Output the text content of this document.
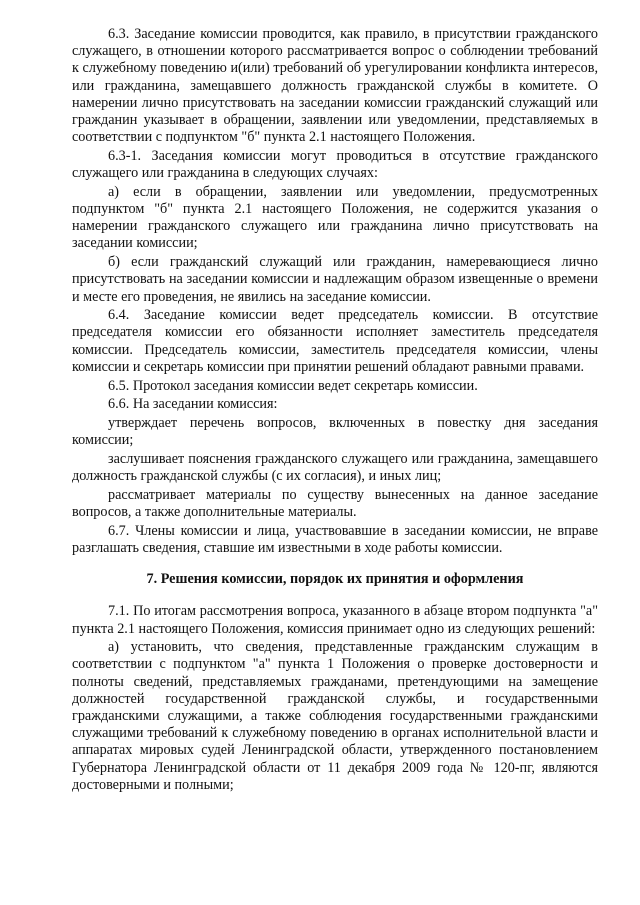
6.3. Заседание комиссии проводится, как правило, в присутствии гражданского служащего, в отношении которого рассматривается вопрос о соблюдении требований к служебному поведению и(или) требований об урегулировании конфликта интересов, или гражданина, замещавшего должность гражданской службы в комитете. О намерении лично присутствовать на заседании комиссии гражданский служащий или гражданин указывает в обращении, заявлении или уведомлении, представляемых в соответствии с подпунктом "б" пункта 2.1 настоящего Положения.

6.3-1. Заседания комиссии могут проводиться в отсутствие гражданского служащего или гражданина в следующих случаях:

а) если в обращении, заявлении или уведомлении, предусмотренных подпунктом "б" пункта 2.1 настоящего Положения, не содержится указания о намерении гражданского служащего или гражданина лично присутствовать на заседании комиссии;

б) если гражданский служащий или гражданин, намеревающиеся лично присутствовать на заседании комиссии и надлежащим образом извещенные о времени и месте его проведения, не явились на заседание комиссии.

6.4. Заседание комиссии ведет председатель комиссии. В отсутствие председателя комиссии его обязанности исполняет заместитель председателя комиссии. Председатель комиссии, заместитель председателя комиссии, члены комиссии и секретарь комиссии при принятии решений обладают равными правами.

6.5. Протокол заседания комиссии ведет секретарь комиссии.

6.6. На заседании комиссия:

утверждает перечень вопросов, включенных в повестку дня заседания комиссии;

заслушивает пояснения гражданского служащего или гражданина, замещавшего должность гражданской службы (с их согласия), и иных лиц;

рассматривает материалы по существу вынесенных на данное заседание вопросов, а также дополнительные материалы.

6.7. Члены комиссии и лица, участвовавшие в заседании комиссии, не вправе разглашать сведения, ставшие им известными в ходе работы комиссии.

7. Решения комиссии, порядок их принятия и оформления

7.1. По итогам рассмотрения вопроса, указанного в абзаце втором подпункта "а" пункта 2.1 настоящего Положения, комиссия принимает одно из следующих решений:

а) установить, что сведения, представленные гражданским служащим в соответствии с подпунктом "а" пункта 1 Положения о проверке достоверности и полноты сведений, представляемых гражданами, претендующими на замещение должностей государственной гражданской службы, и государственными гражданскими служащими, а также соблюдения государственными гражданскими служащими требований к служебному поведению в органах исполнительной власти и аппаратах мировых судей Ленинградской области, утвержденного постановлением Губернатора Ленинградской области от 11 декабря 2009 года № 120-пг, являются достоверными и полными;
